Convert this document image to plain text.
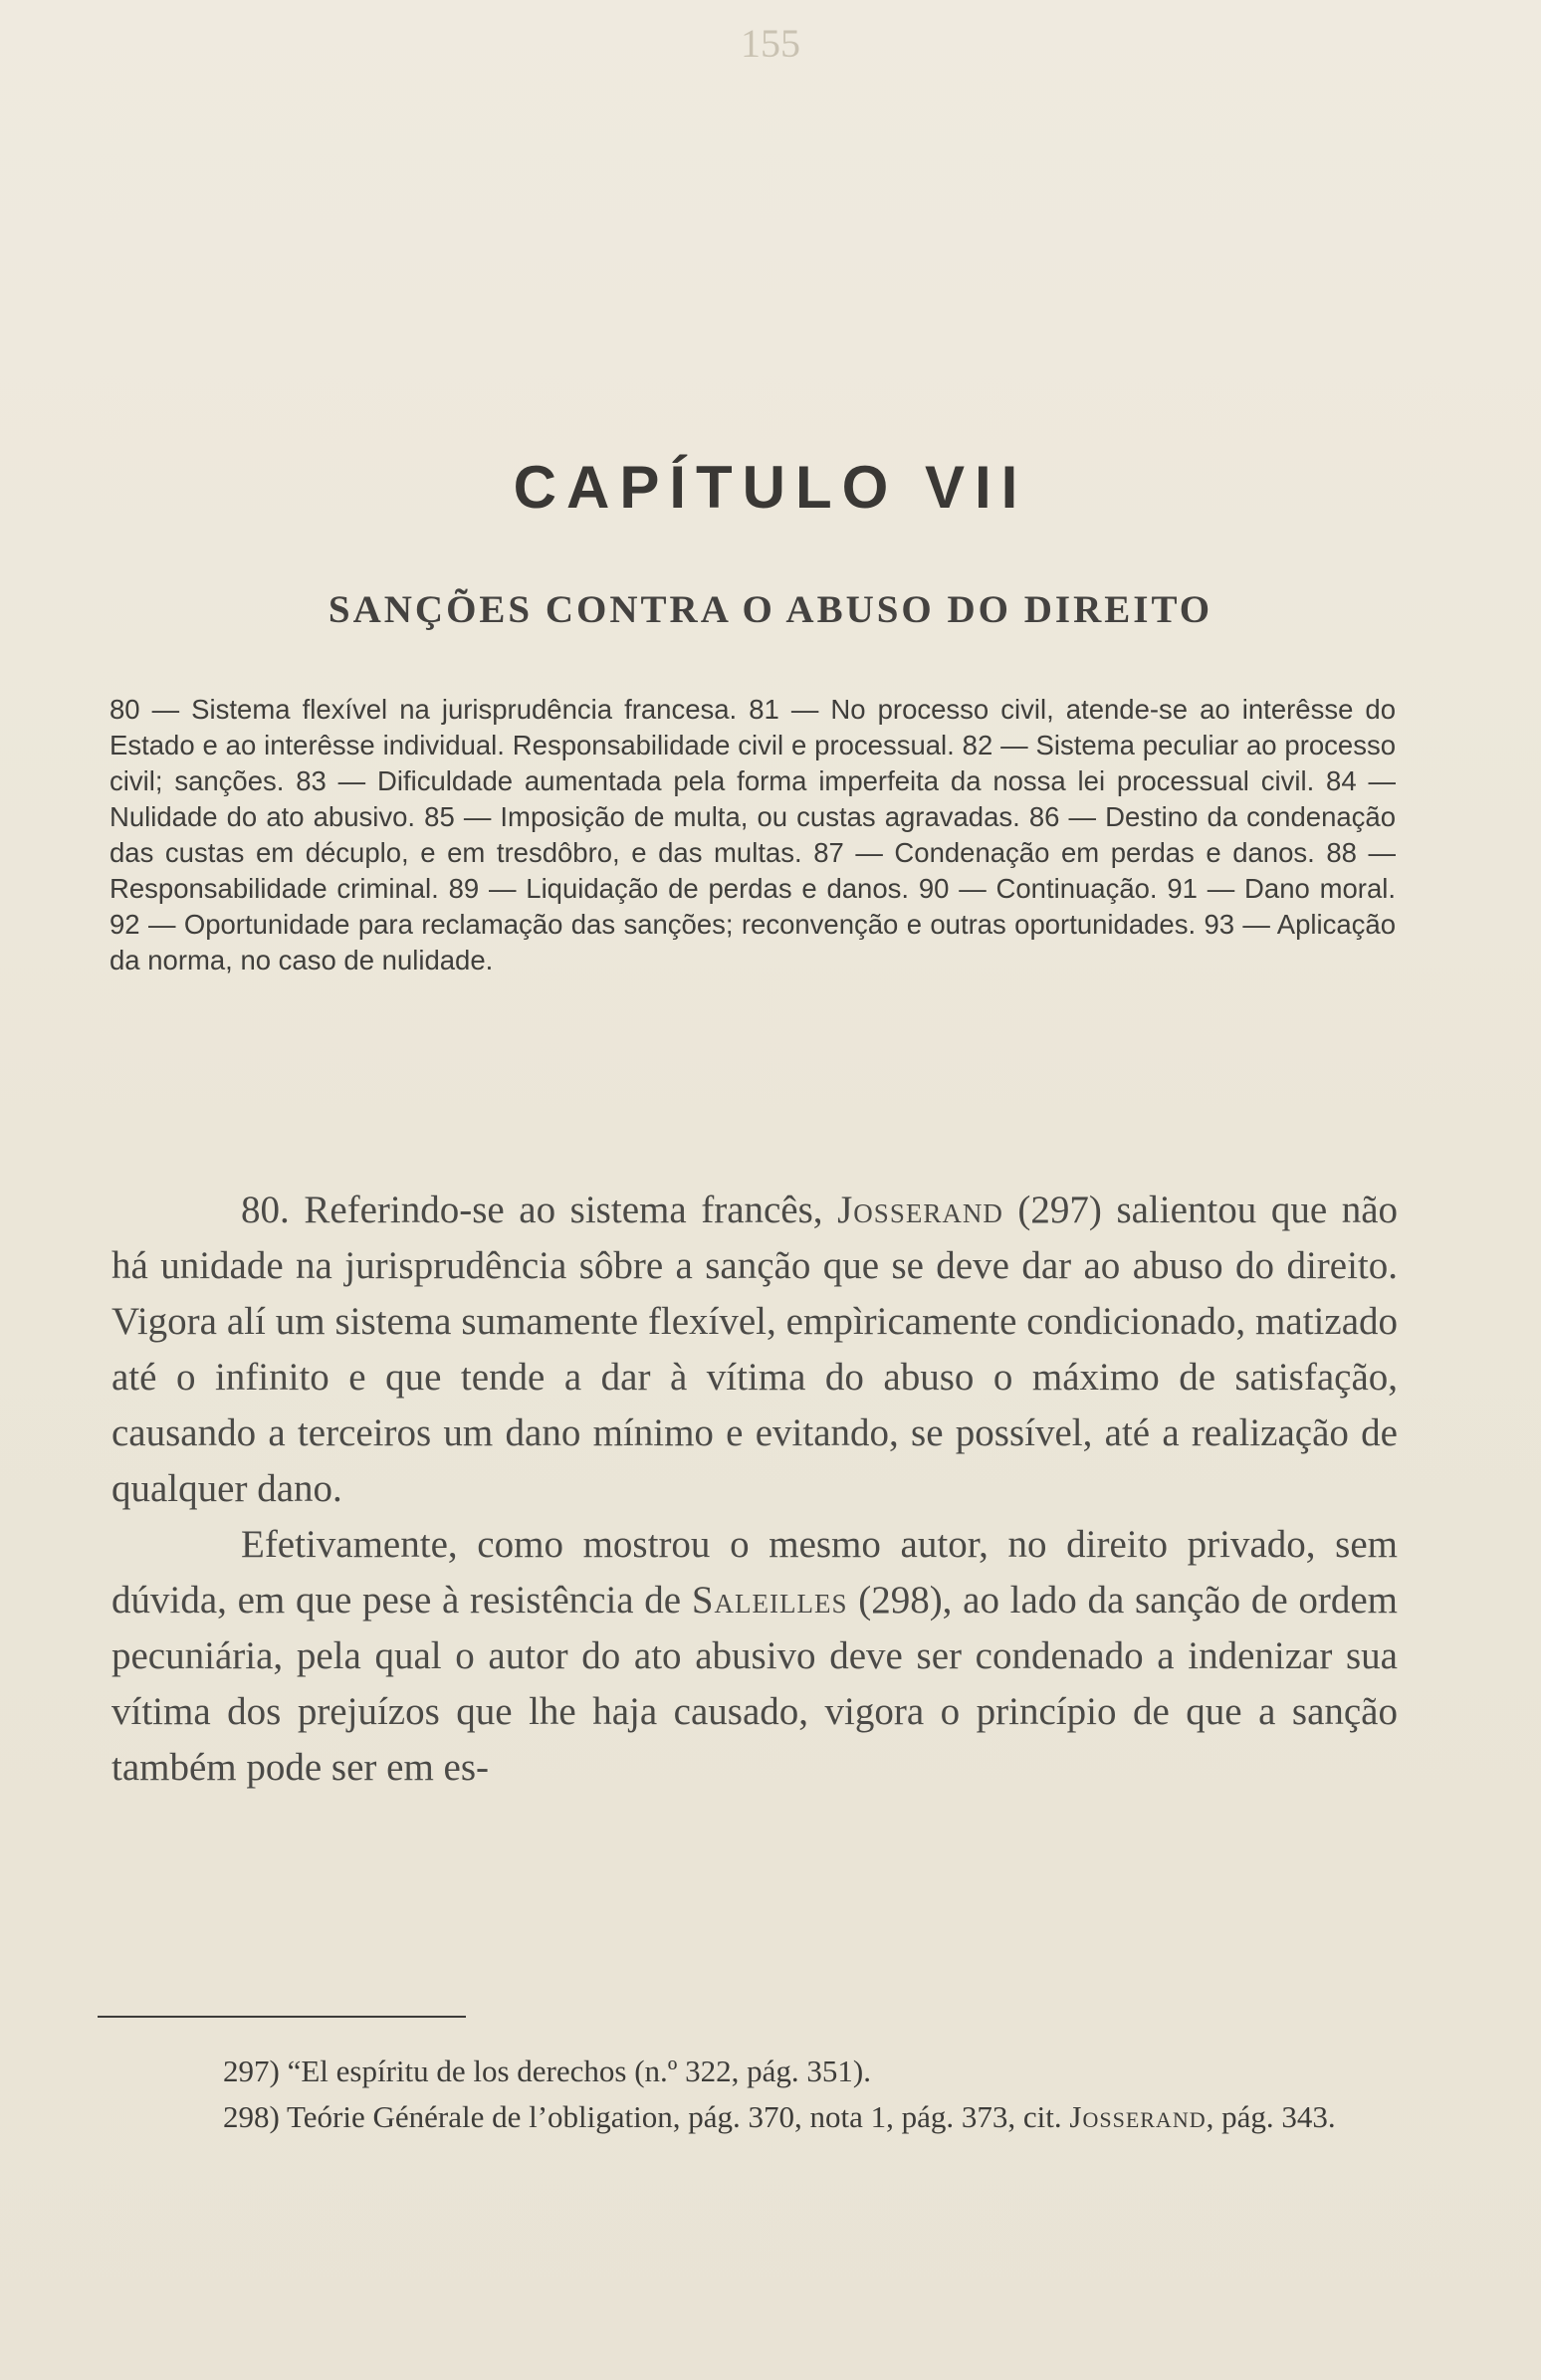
155
CAPÍTULO VII
SANÇÕES CONTRA O ABUSO DO DIREITO

80 — Sistema flexível na jurisprudência francesa. 81 — No processo civil, atende-se ao interêsse do Estado e ao interêsse individual. Responsabilidade civil e processual. 82 — Sistema peculiar ao processo civil; sanções. 83 — Dificuldade aumentada pela forma imperfeita da nossa lei processual civil. 84 — Nulidade do ato abusivo. 85 — Imposição de multa, ou custas agravadas. 86 — Destino da condenação das custas em décuplo, e em tresdôbro, e das multas. 87 — Condenação em perdas e danos. 88 — Responsabilidade criminal. 89 — Liquidação de perdas e danos. 90 — Continuação. 91 — Dano moral. 92 — Oportunidade para reclamação das sanções; reconvenção e outras oportunidades. 93 — Aplicação da norma, no caso de nulidade.

80. Referindo-se ao sistema francês, Josserand (297) salientou que não há unidade na jurisprudência sôbre a sanção que se deve dar ao abuso do direito. Vigora alí um sistema sumamente flexível, empìricamente condicionado, matizado até o infinito e que tende a dar à vítima do abuso o máximo de satisfação, causando a terceiros um dano mínimo e evitando, se possível, até a realização de qualquer dano.

Efetivamente, como mostrou o mesmo autor, no direito privado, sem dúvida, em que pese à resistência de Saleilles (298), ao lado da sanção de ordem pecuniária, pela qual o autor do ato abusivo deve ser condenado a indenizar sua vítima dos prejuízos que lhe haja causado, vigora o princípio de que a sanção também pode ser em es-

297) “El espíritu de los derechos (n.º 322, pág. 351).

298) Teórie Générale de l’obligation, pág. 370, nota 1, pág. 373, cit. Josserand, pág. 343.
